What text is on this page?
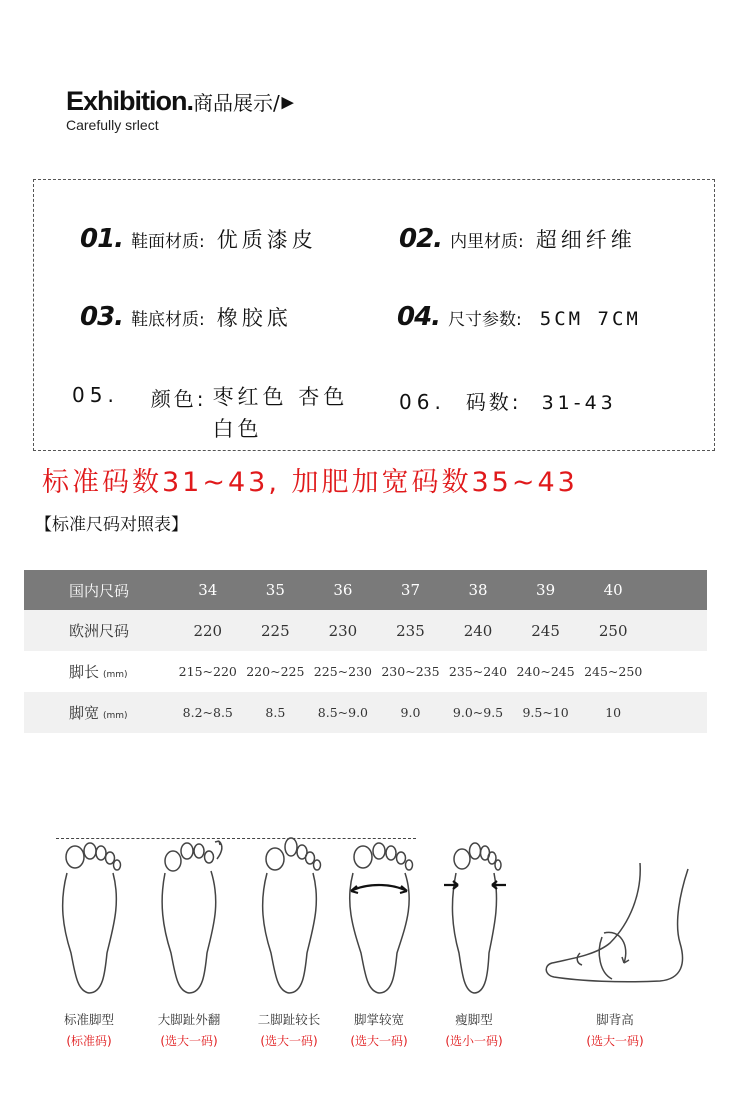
Exhibition.商品展示/ ▶
Carefully srlect
01. 鞋面材质: 优质漆皮	02. 内里材质: 超细纤维
03. 鞋底材质: 橡胶底	04. 尺寸参数: 5CM 7CM
05. 颜色: 枣红色 杏色 白色
06. 码数: 31-43
标准码数31~43, 加肥加宽码数35~43
【标准尺码对照表】
国内尺码	34	35	36	37	38	39	40	
欧洲尺码	220	225	230	235	240	245	250	
脚长 (mm)	215~220	220~225	225~230	230~235	235~240	240~245	245~250	
脚宽 (mm)	8.2~8.5	8.5	8.5~9.0	9.0	9.0~9.5	9.5~10	10	
标准脚型
(标准码)
大脚趾外翻
(选大一码)
二脚趾较长
(选大一码)
脚掌较宽
(选大一码)
瘦脚型
(选小一码)
脚背高
(选大一码)
